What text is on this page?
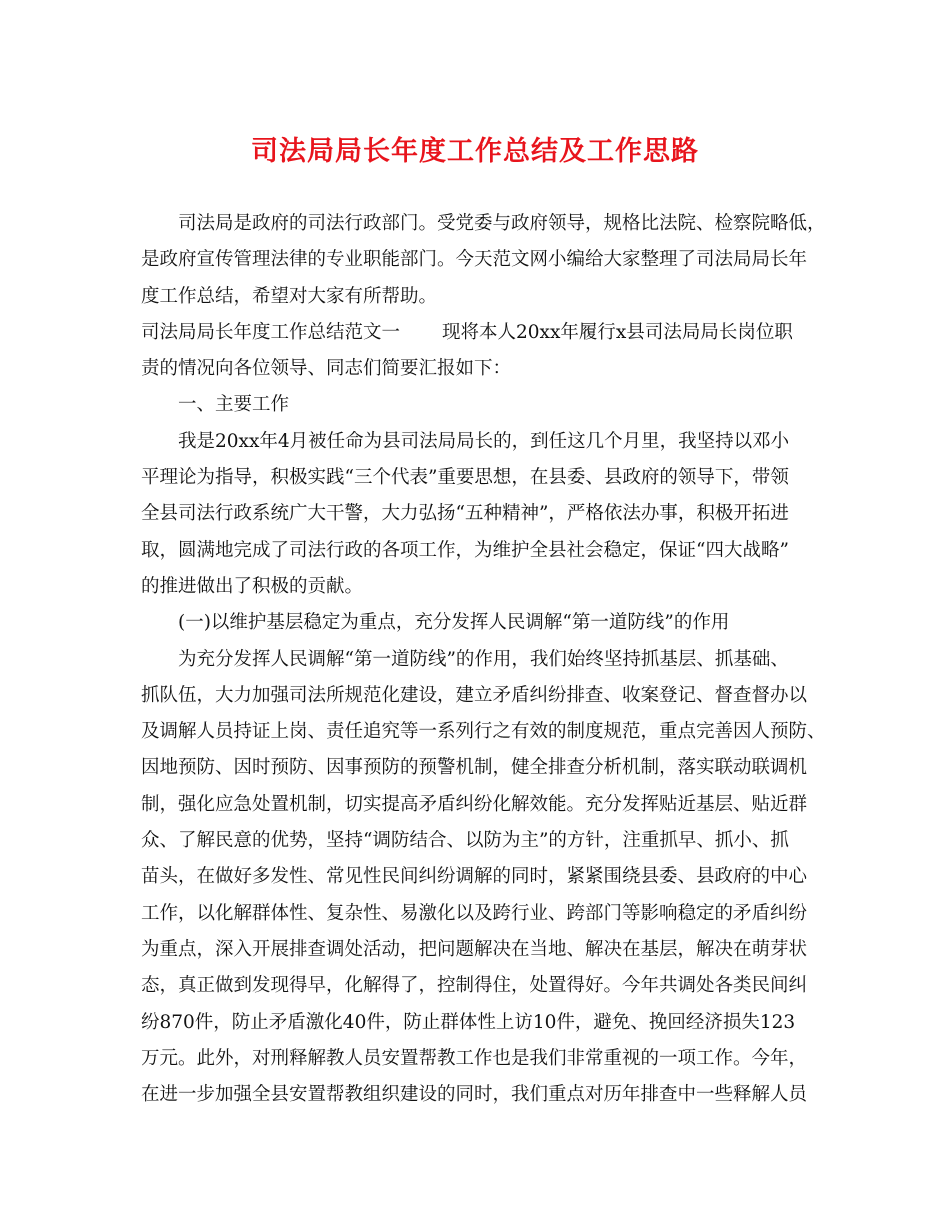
司法局局长年度工作总结及工作思路
司法局是政府的司法行政部门。受党委与政府领导，规格比法院、检察院略低，
是政府宣传管理法律的专业职能部门。今天范文网小编给大家整理了司法局局长年
度工作总结，希望对大家有所帮助。
司法局局长年度工作总结范文一 现将本人20xx年履行x县司法局局长岗位职
责的情况向各位领导、同志们简要汇报如下：
一、主要工作
我是20xx年4月被任命为县司法局局长的，到任这几个月里，我坚持以邓小
平理论为指导，积极实践“三个代表”重要思想，在县委、县政府的领导下，带领
全县司法行政系统广大干警，大力弘扬“五种精神”，严格依法办事，积极开拓进
取，圆满地完成了司法行政的各项工作，为维护全县社会稳定，保证“四大战略”
的推进做出了积极的贡献。
(一)以维护基层稳定为重点，充分发挥人民调解“第一道防线”的作用
为充分发挥人民调解“第一道防线”的作用，我们始终坚持抓基层、抓基础、
抓队伍，大力加强司法所规范化建设，建立矛盾纠纷排查、收案登记、督查督办以
及调解人员持证上岗、责任追究等一系列行之有效的制度规范，重点完善因人预防、
因地预防、因时预防、因事预防的预警机制，健全排查分析机制，落实联动联调机
制，强化应急处置机制，切实提高矛盾纠纷化解效能。充分发挥贴近基层、贴近群
众、了解民意的优势，坚持“调防结合、以防为主”的方针，注重抓早、抓小、抓
苗头，在做好多发性、常见性民间纠纷调解的同时，紧紧围绕县委、县政府的中心
工作，以化解群体性、复杂性、易激化以及跨行业、跨部门等影响稳定的矛盾纠纷
为重点，深入开展排查调处活动，把问题解决在当地、解决在基层，解决在萌芽状
态，真正做到发现得早，化解得了，控制得住，处置得好。今年共调处各类民间纠
纷870件，防止矛盾激化40件，防止群体性上访10件，避免、挽回经济损失123
万元。此外，对刑释解教人员安置帮教工作也是我们非常重视的一项工作。今年，
在进一步加强全县安置帮教组织建设的同时，我们重点对历年排查中一些释解人员
